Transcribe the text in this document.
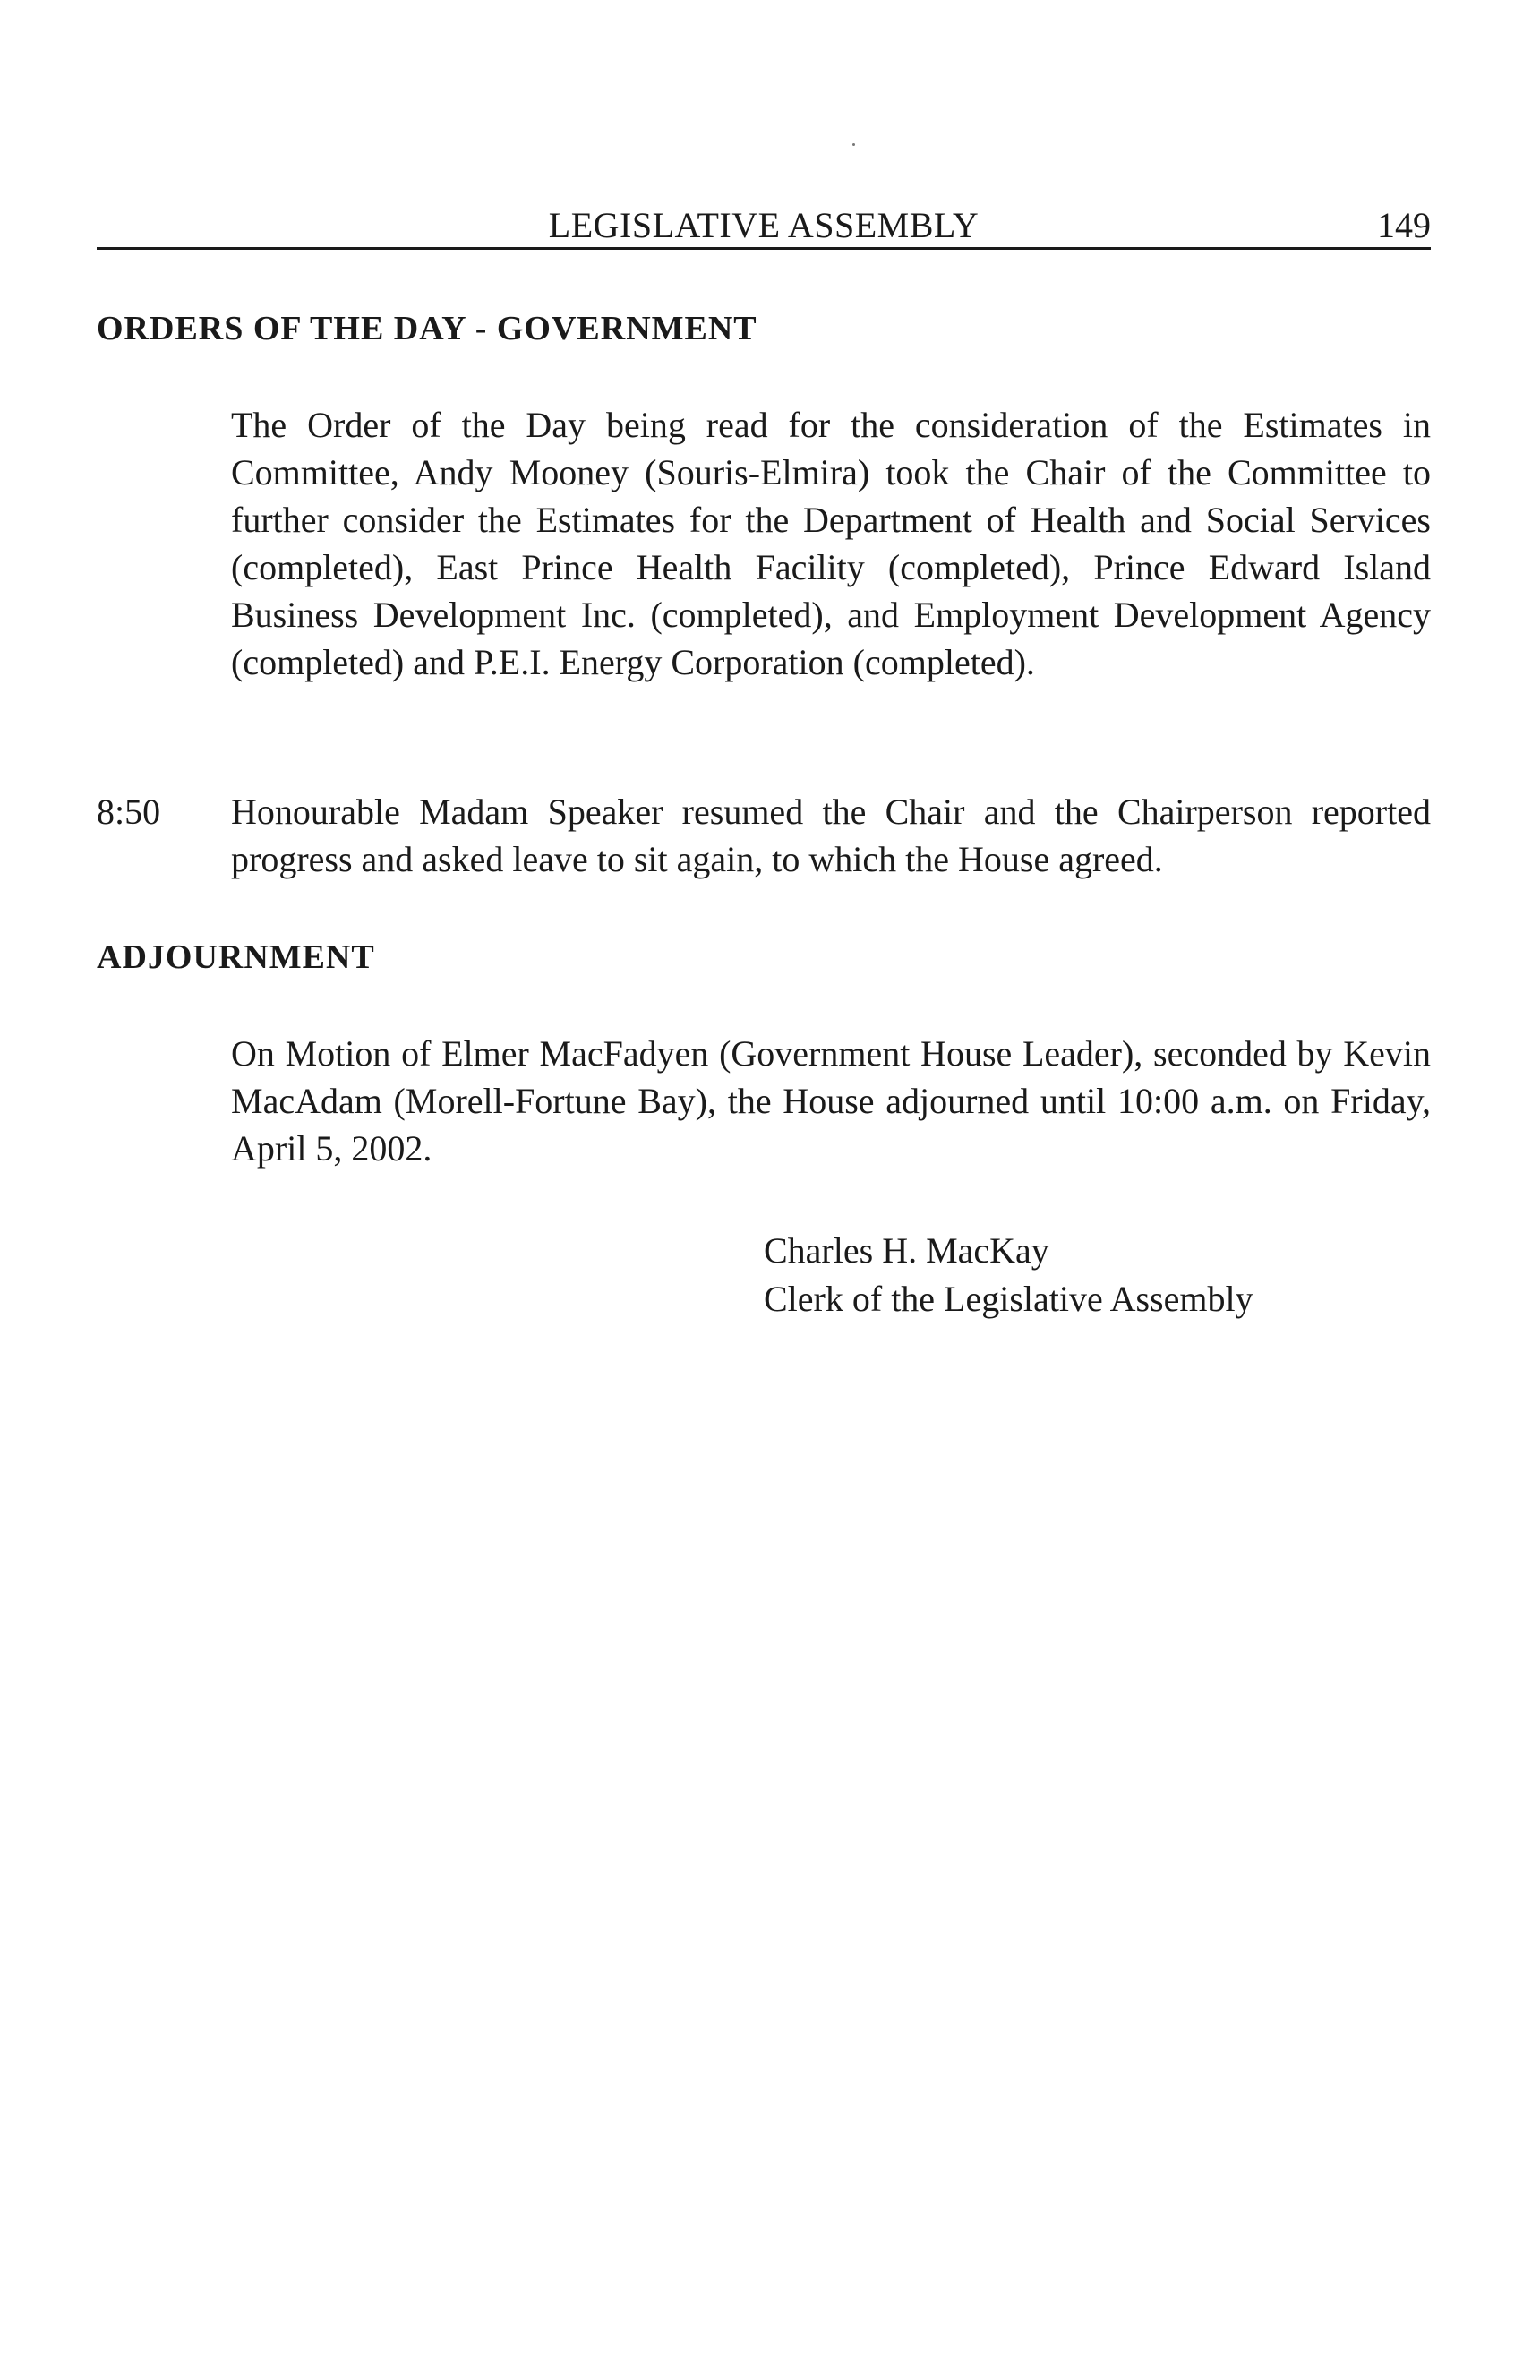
LEGISLATIVE ASSEMBLY	149
ORDERS OF THE DAY - GOVERNMENT

The Order of the Day being read for the consideration of the Estimates in Committee, Andy Mooney (Souris-Elmira) took the Chair of the Committee to further consider the Estimates for the Department of Health and Social Services (completed), East Prince Health Facility (completed), Prince Edward Island Business Development Inc. (completed), and Employment Development Agency (completed) and P.E.I. Energy Corporation (completed).

8:50 Honourable Madam Speaker resumed the Chair and the Chairperson reported progress and asked leave to sit again, to which the House agreed.

ADJOURNMENT

On Motion of Elmer MacFadyen (Government House Leader), seconded by Kevin MacAdam (Morell-Fortune Bay), the House adjourned until 10:00 a.m. on Friday, April 5, 2002.

Charles H. MacKay
Clerk of the Legislative Assembly
